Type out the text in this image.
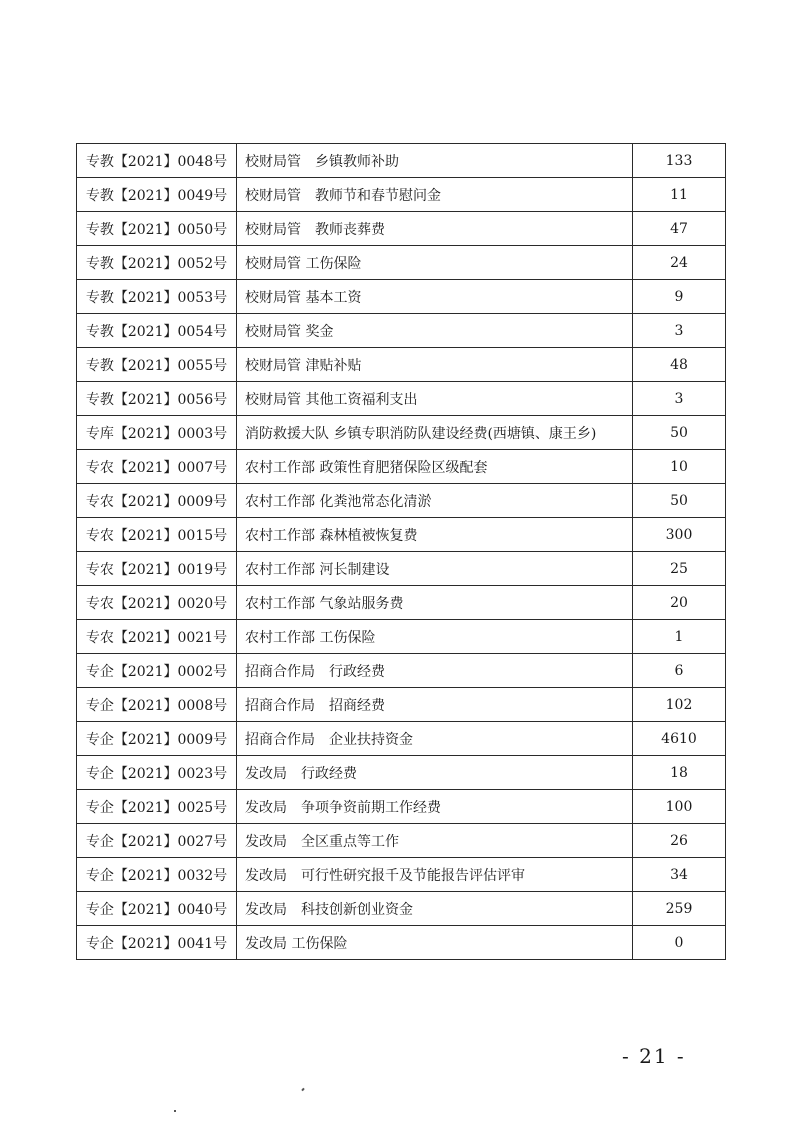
专教【2021】0048号	校财局管　乡镇教师补助	133
专教【2021】0049号	校财局管　教师节和春节慰问金	11
专教【2021】0050号	校财局管　教师丧葬费	47
专教【2021】0052号	校财局管 工伤保险	24
专教【2021】0053号	校财局管 基本工资	9
专教【2021】0054号	校财局管 奖金	3
专教【2021】0055号	校财局管 津贴补贴	48
专教【2021】0056号	校财局管 其他工资福利支出	3
专库【2021】0003号	消防救援大队 乡镇专职消防队建设经费(西塘镇、康王乡)	50
专农【2021】0007号	农村工作部 政策性育肥猪保险区级配套	10
专农【2021】0009号	农村工作部 化粪池常态化清淤	50
专农【2021】0015号	农村工作部 森林植被恢复费	300
专农【2021】0019号	农村工作部 河长制建设	25
专农【2021】0020号	农村工作部 气象站服务费	20
专农【2021】0021号	农村工作部 工伤保险	1
专企【2021】0002号	招商合作局　行政经费	6
专企【2021】0008号	招商合作局　招商经费	102
专企【2021】0009号	招商合作局　企业扶持资金	4610
专企【2021】0023号	发改局　行政经费	18
专企【2021】0025号	发改局　争项争资前期工作经费	100
专企【2021】0027号	发改局　全区重点等工作	26
专企【2021】0032号	发改局　可行性研究报千及节能报告评估评审	34
专企【2021】0040号	发改局　科技创新创业资金	259
专企【2021】0041号	发改局 工伤保险	0
- 21 -
